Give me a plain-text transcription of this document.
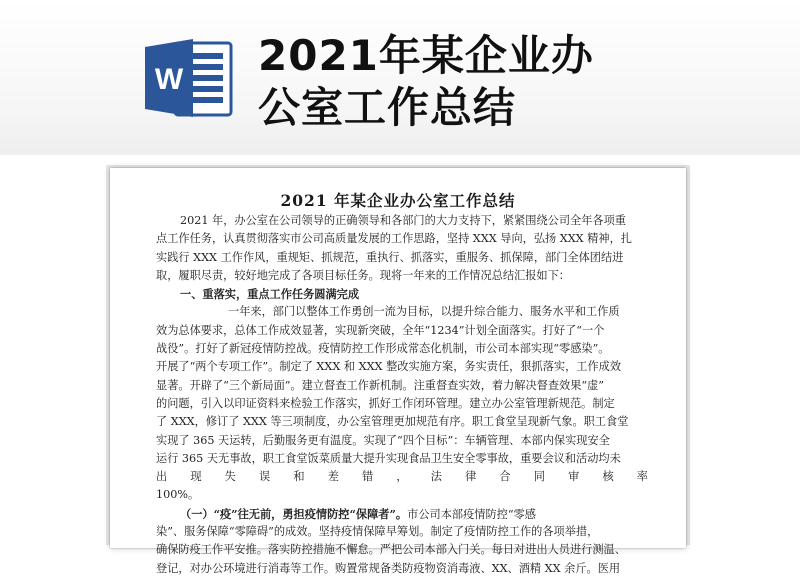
W 2021年某企业办
公室工作总结
2021 年某企业办公室工作总结
2021 年，办公室在公司领导的正确领导和各部门的大力支持下，紧紧围绕公司全年各项重
点工作任务，认真贯彻落实市公司高质量发展的工作思路，坚持 XXX 导向，弘扬 XXX 精神，扎
实践行 XXX 工作作风，重规矩、抓规范，重执行、抓落实，重服务、抓保障，部门全体团结进
取，履职尽责，较好地完成了各项目标任务。现将一年来的工作情况总结汇报如下：
一、重落实，重点工作任务圆满完成
一年来，部门以整体工作勇创一流为目标，以提升综合能力、服务水平和工作质
效为总体要求，总体工作成效显著，实现新突破，全年“1234”计划全面落实。打好了“一个
战役”。打好了新冠疫情防控战。疫情防控工作形成常态化机制，市公司本部实现“零感染”。
开展了“两个专项工作”。制定了 XXX 和 XXX 整改实施方案，务实责任，狠抓落实，工作成效
显著。开辟了“三个新局面”。建立督查工作新机制。注重督查实效，着力解决督查效果“虚”
的问题，引入以印证资料来检验工作落实，抓好工作闭环管理。建立办公室管理新规范。制定
了 XXX，修订了 XXX 等三项制度，办公室管理更加规范有序。职工食堂呈现新气象。职工食堂
实现了 365 天运转，后勤服务更有温度。实现了“四个目标”：车辆管理、本部内保实现安全
运行 365 天无事故，职工食堂饭菜质量大提升实现食品卫生安全零事故，重要会议和活动均未
出 现 失 误 和 差 错 ， 法 律 合 同 审 核 率
100%。
（一）“疫”往无前，勇担疫情防控“保障者”。市公司本部疫情防控“零感
染”、服务保障“零障碍”的成效。坚持疫情保障早筹划。制定了疫情防控工作的各项举措，
确保防疫工作平安推。落实防控措施不懈怠。严把公司本部入门关。每日对进出人员进行测温、
登记，对办公环境进行消毒等工作。购置常规备类防疫物资消毒液、XX、酒精 XX 余斤。医用
